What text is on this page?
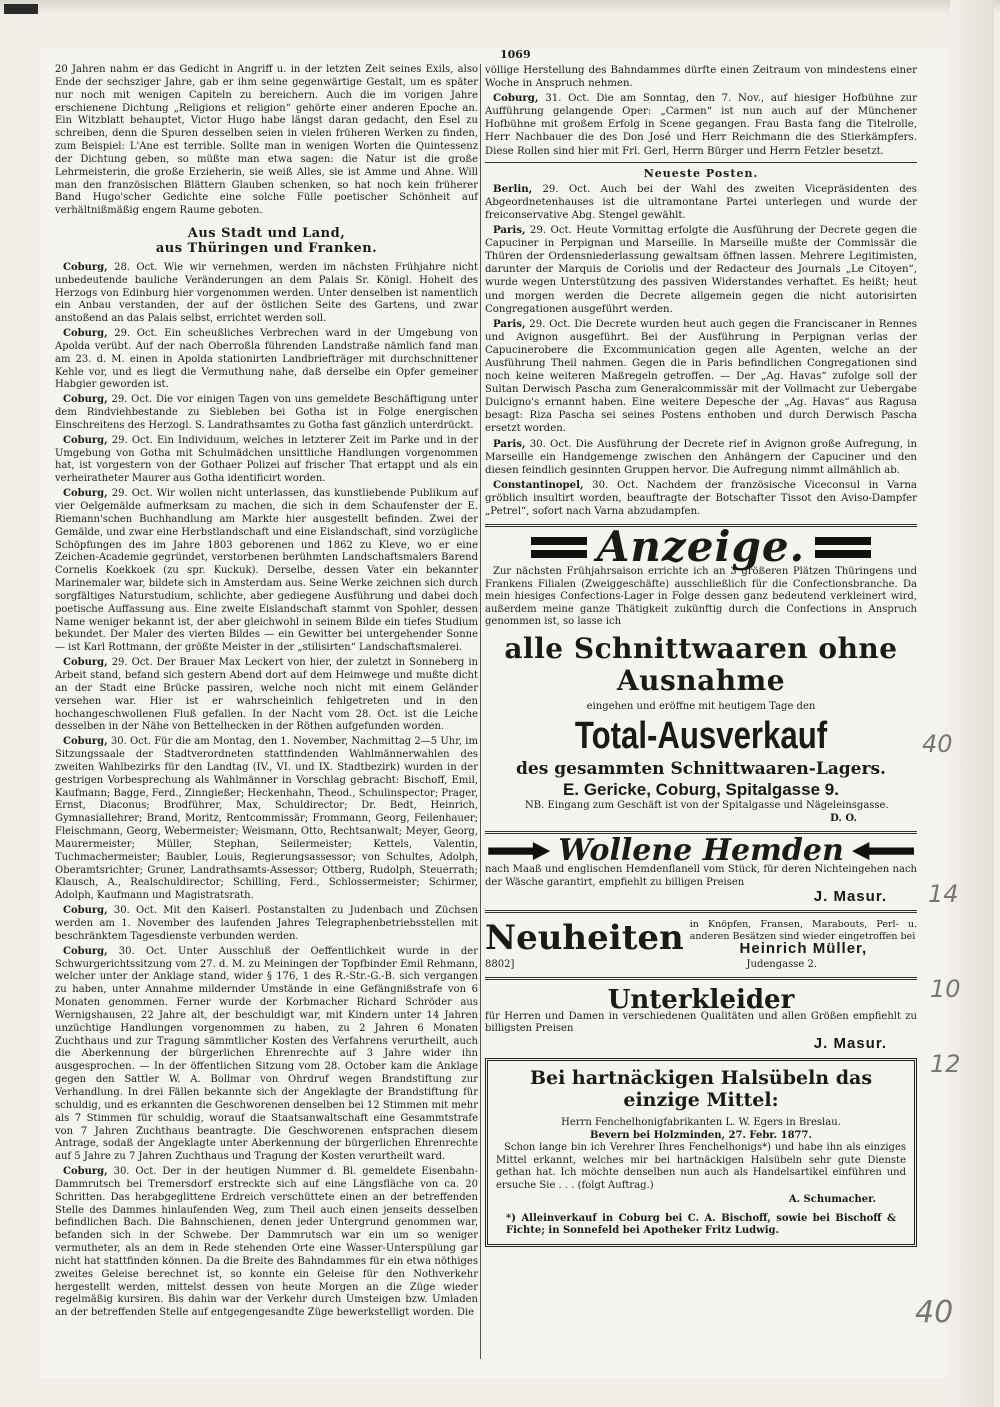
1069

20 Jahren nahm er das Gedicht in Angriff u. in der letzten Zeit seines Exils, also Ende der sechsziger Jahre, gab er ihm seine gegenwärtige Gestalt, um es später nur noch mit wenigen Capiteln zu bereichern. Auch die im vorigen Jahre erschienene Dichtung „Religions et religion“ gehörte einer anderen Epoche an. Ein Witzblatt behauptet, Victor Hugo habe längst daran gedacht, den Esel zu schreiben, denn die Spuren desselben seien in vielen früheren Werken zu finden, zum Beispiel: L'Ane est terrible. Sollte man in wenigen Worten die Quintessenz der Dichtung geben, so müßte man etwa sagen: die Natur ist die große Lehrmeisterin, die große Erzieherin, sie weiß Alles, sie ist Amme und Ahne. Will man den französischen Blättern Glauben schenken, so hat noch kein früherer Band Hugo'scher Gedichte eine solche Fülle poetischer Schönheit auf verhältnißmäßig engem Raume geboten.

Aus Stadt und Land,
aus Thüringen und Franken.

Coburg, 28. Oct. Wie wir vernehmen, werden im nächsten Frühjahre nicht unbedeutende bauliche Veränderungen an dem Palais Sr. Königl. Hoheit des Herzogs von Edinburg hier vorgenommen werden. Unter denselben ist namentlich ein Anbau verstanden, der auf der östlichen Seite des Gartens, und zwar anstoßend an das Palais selbst, errichtet werden soll.

Coburg, 29. Oct. Ein scheußliches Verbrechen ward in der Umgebung von Apolda verübt. Auf der nach Oberroßla führenden Landstraße nämlich fand man am 23. d. M. einen in Apolda stationirten Landbriefträger mit durchschnittener Kehle vor, und es liegt die Vermuthung nahe, daß derselbe ein Opfer gemeiner Habgier geworden ist.

Coburg, 29. Oct. Die vor einigen Tagen von uns gemeldete Beschäftigung unter dem Rindviehbestande zu Siebleben bei Gotha ist in Folge energischen Einschreitens des Herzogl. S. Landrathsamtes zu Gotha fast gänzlich unterdrückt.

Coburg, 29. Oct. Ein Individuum, welches in letzterer Zeit im Parke und in der Umgebung von Gotha mit Schulmädchen unsittliche Handlungen vorgenommen hat, ist vorgestern von der Gothaer Polizei auf frischer That ertappt und als ein verheiratheter Maurer aus Gotha identificirt worden.

Coburg, 29. Oct. Wir wollen nicht unterlassen, das kunstliebende Publikum auf vier Oelgemälde aufmerksam zu machen, die sich in dem Schaufenster der E. Riemann'schen Buchhandlung am Markte hier ausgestellt befinden. Zwei der Gemälde, und zwar eine Herbstlandschaft und eine Eislandschaft, sind vorzügliche Schöpfungen des im Jahre 1803 geborenen und 1862 zu Kleve, wo er eine Zeichen-Academie gegründet, verstorbenen berühmten Landschaftsmalers Barend Cornelis Koekkoek (zu spr. Kuckuk). Derselbe, dessen Vater ein bekannter Marinemaler war, bildete sich in Amsterdam aus. Seine Werke zeichnen sich durch sorgfältiges Naturstudium, schlichte, aber gediegene Ausführung und dabei doch poetische Auffassung aus. Eine zweite Eislandschaft stammt von Spohler, dessen Name weniger bekannt ist, der aber gleichwohl in seinem Bilde ein tiefes Studium bekundet. Der Maler des vierten Bildes — ein Gewitter bei untergehender Sonne — ist Karl Rottmann, der größte Meister in der „stilisirten“ Landschaftsmalerei.

Coburg, 29. Oct. Der Brauer Max Leckert von hier, der zuletzt in Sonneberg in Arbeit stand, befand sich gestern Abend dort auf dem Heimwege und mußte dicht an der Stadt eine Brücke passiren, welche noch nicht mit einem Geländer versehen war. Hier ist er wahrscheinlich fehlgetreten und in den hochangeschwollenen Fluß gefallen. In der Nacht vom 28. Oct. ist die Leiche desselben in der Nähe von Bettelhecken in der Röthen aufgefunden worden.

Coburg, 30. Oct. Für die am Montag, den 1. November, Nachmittag 2—5 Uhr, im Sitzungssaale der Stadtverordneten stattfindenden Wahlmännerwahlen des zweiten Wahlbezirks für den Landtag (IV., VI. und IX. Stadtbezirk) wurden in der gestrigen Vorbesprechung als Wahlmänner in Vorschlag gebracht: Bischoff, Emil, Kaufmann; Bagge, Ferd., Zinngießer; Heckenhahn, Theod., Schulinspector; Prager, Ernst, Diaconus; Brodführer, Max, Schuldirector; Dr. Bedt, Heinrich, Gymnasiallehrer; Brand, Moritz, Rentcommissär; Frommann, Georg, Feilenhauer; Fleischmann, Georg, Webermeister; Weismann, Otto, Rechtsanwalt; Meyer, Georg, Maurermeister; Müller, Stephan, Seilermeister; Kettels, Valentin, Tuchmachermeister; Baubler, Louis, Regierungsassessor; von Schultes, Adolph, Oberamtsrichter; Gruner, Landrathsamts-Assessor; Ottberg, Rudolph, Steuerrath; Klausch, A., Realschuldirector; Schilling, Ferd., Schlossermeister; Schirmer, Adolph, Kaufmann und Magistratsrath.

Coburg, 30. Oct. Mit den Kaiserl. Postanstalten zu Judenbach und Züchsen werden am 1. November des laufenden Jahres Telegraphenbetriebsstellen mit beschränktem Tagesdienste verbunden werden.

Coburg, 30. Oct. Unter Ausschluß der Oeffentlichkeit wurde in der Schwurgerichtssitzung vom 27. d. M. zu Meiningen der Topfbinder Emil Rehmann, welcher unter der Anklage stand, wider § 176, 1 des R.-Str.-G.-B. sich vergangen zu haben, unter Annahme mildernder Umstände in eine Gefängnißstrafe von 6 Monaten genommen. Ferner wurde der Korbmacher Richard Schröder aus Wernigshausen, 22 Jahre alt, der beschuldigt war, mit Kindern unter 14 Jahren unzüchtige Handlungen vorgenommen zu haben, zu 2 Jahren 6 Monaten Zuchthaus und zur Tragung sämmtlicher Kosten des Verfahrens verurtheilt, auch die Aberkennung der bürgerlichen Ehrenrechte auf 3 Jahre wider ihn ausgesprochen. — In der öffentlichen Sitzung vom 28. October kam die Anklage gegen den Sattler W. A. Bollmar von Ohrdruf wegen Brandstiftung zur Verhandlung. In drei Fällen bekannte sich der Angeklagte der Brandstiftung für schuldig, und es erkannten die Geschworenen denselben bei 12 Stimmen mit mehr als 7 Stimmen für schuldig, worauf die Staatsanwaltschaft eine Gesammtstrafe von 7 Jahren Zuchthaus beantragte. Die Geschworenen entsprachen diesem Antrage, sodaß der Angeklagte unter Aberkennung der bürgerlichen Ehrenrechte auf 5 Jahre zu 7 Jahren Zuchthaus und Tragung der Kosten verurtheilt ward.

Coburg, 30. Oct. Der in der heutigen Nummer d. Bl. gemeldete Eisenbahn-Dammrutsch bei Tremersdorf erstreckte sich auf eine Längsfläche von ca. 20 Schritten. Das herabgeglittene Erdreich verschüttete einen an der betreffenden Stelle des Dammes hinlaufenden Weg, zum Theil auch einen jenseits desselben befindlichen Bach. Die Bahnschienen, denen jeder Untergrund genommen war, befanden sich in der Schwebe. Der Dammrutsch war ein um so weniger vermutheter, als an dem in Rede stehenden Orte eine Wasser-Unterspülung gar nicht hat stattfinden können. Da die Breite des Bahndammes für ein etwa nöthiges zweites Geleise berechnet ist, so konnte ein Geleise für den Nothverkehr hergestellt werden, mittelst dessen von heute Morgen an die Züge wieder regelmäßig kursiren. Bis dahin war der Verkehr durch Umsteigen bzw. Umladen an der betreffenden Stelle auf entgegengesandte Züge bewerkstelligt worden. Die

völlige Herstellung des Bahndammes dürfte einen Zeitraum von mindestens einer Woche in Anspruch nehmen.

Coburg, 31. Oct. Die am Sonntag, den 7. Nov., auf hiesiger Hofbühne zur Aufführung gelangende Oper: „Carmen“ ist nun auch auf der Münchener Hofbühne mit großem Erfolg in Scene gegangen. Frau Basta fang die Titelrolle, Herr Nachbauer die des Don José und Herr Reichmann die des Stierkämpfers. Diese Rollen sind hier mit Frl. Gerl, Herrn Bürger und Herrn Fetzler besetzt.

Neueste Posten.

Berlin, 29. Oct. Auch bei der Wahl des zweiten Vicepräsidenten des Abgeordnetenhauses ist die ultramontane Partei unterlegen und wurde der freiconservative Abg. Stengel gewählt.

Paris, 29. Oct. Heute Vormittag erfolgte die Ausführung der Decrete gegen die Capuciner in Perpignan und Marseille. In Marseille mußte der Commissär die Thüren der Ordensniederlassung gewaltsam öffnen lassen. Mehrere Legitimisten, darunter der Marquis de Coriolis und der Redacteur des Journals „Le Citoyen“, wurde wegen Unterstützung des passiven Widerstandes verhaftet. Es heißt; heut und morgen werden die Decrete allgemein gegen die nicht autorisirten Congregationen ausgeführt werden.

Paris, 29. Oct. Die Decrete wurden heut auch gegen die Franciscaner in Rennes und Avignon ausgeführt. Bei der Ausführung in Perpignan verlas der Capucinerobere die Excommunication gegen alle Agenten, welche an der Ausführung Theil nahmen. Gegen die in Paris befindlichen Congregationen sind noch keine weiteren Maßregeln getroffen. — Der „Ag. Havas“ zufolge soll der Sultan Derwisch Pascha zum Generalcommissär mit der Vollmacht zur Uebergabe Dulcigno's ernannt haben. Eine weitere Depesche der „Ag. Havas“ aus Ragusa besagt: Riza Pascha sei seines Postens enthoben und durch Derwisch Pascha ersetzt worden.

Paris, 30. Oct. Die Ausführung der Decrete rief in Avignon große Aufregung, in Marseille ein Handgemenge zwischen den Anhängern der Capuciner und den diesen feindlich gesinnten Gruppen hervor. Die Aufregung nimmt allmählich ab.

Constantinopel, 30. Oct. Nachdem der französische Viceconsul in Varna gröblich insultirt worden, beauftragte der Botschafter Tissot den Aviso-Dampfer „Petrel“, sofort nach Varna abzudampfen.

Anzeige.

Zur nächsten Frühjahrsaison errichte ich an 3 größeren Plätzen Thüringens und Frankens Filialen (Zweiggeschäfte) ausschließlich für die Confectionsbranche. Da mein hiesiges Confections-Lager in Folge dessen ganz bedeutend verkleinert wird, außerdem meine ganze Thätigkeit zukünftig durch die Confections in Anspruch genommen ist, so lasse ich

alle Schnittwaaren ohne Ausnahme
eingehen und eröffne mit heutigem Tage den
Total-Ausverkauf
des gesammten Schnittwaaren-Lagers.
E. Gericke, Coburg, Spitalgasse 9.
NB. Eingang zum Geschäft ist von der Spitalgasse und Nägeleinsgasse.
D. O.
Wollene Hemden
nach Maaß und englischen Hemdenflanell vom Stück, für deren Nichteingehen nach der Wäsche garantirt, empfiehlt zu billigen Preisen
J. Masur.
Neuheiten in Knöpfen, Fransen, Marabouts, Perl- u. anderen Besätzen sind wieder eingetroffen bei
Heinrich Müller,
8802]	Judengasse 2.
Unterkleider
für Herren und Damen in verschiedenen Qualitäten und allen Größen empfiehlt zu billigsten Preisen
J. Masur.
Bei hartnäckigen Halsübeln das
einzige Mittel:
Herrn Fenchelhonigfabrikanten L. W. Egers in Breslau.
Bevern bei Holzminden, 27. Febr. 1877.

Schon lange bin ich Verehrer Ihres Fenchelhonigs*) und habe ihn als einziges Mittel erkannt, welches mir bei hartnäckigen Halsübeln sehr gute Dienste gethan hat. Ich möchte denselben nun auch als Handelsartikel einführen und ersuche Sie . . . (folgt Auftrag.)

A. Schumacher.
*) Alleinverkauf in Coburg bei C. A. Bischoff, sowie bei Bischoff & Fichte; in Sonnefeld bei Apotheker Fritz Ludwig.
40
14
10
12
40
